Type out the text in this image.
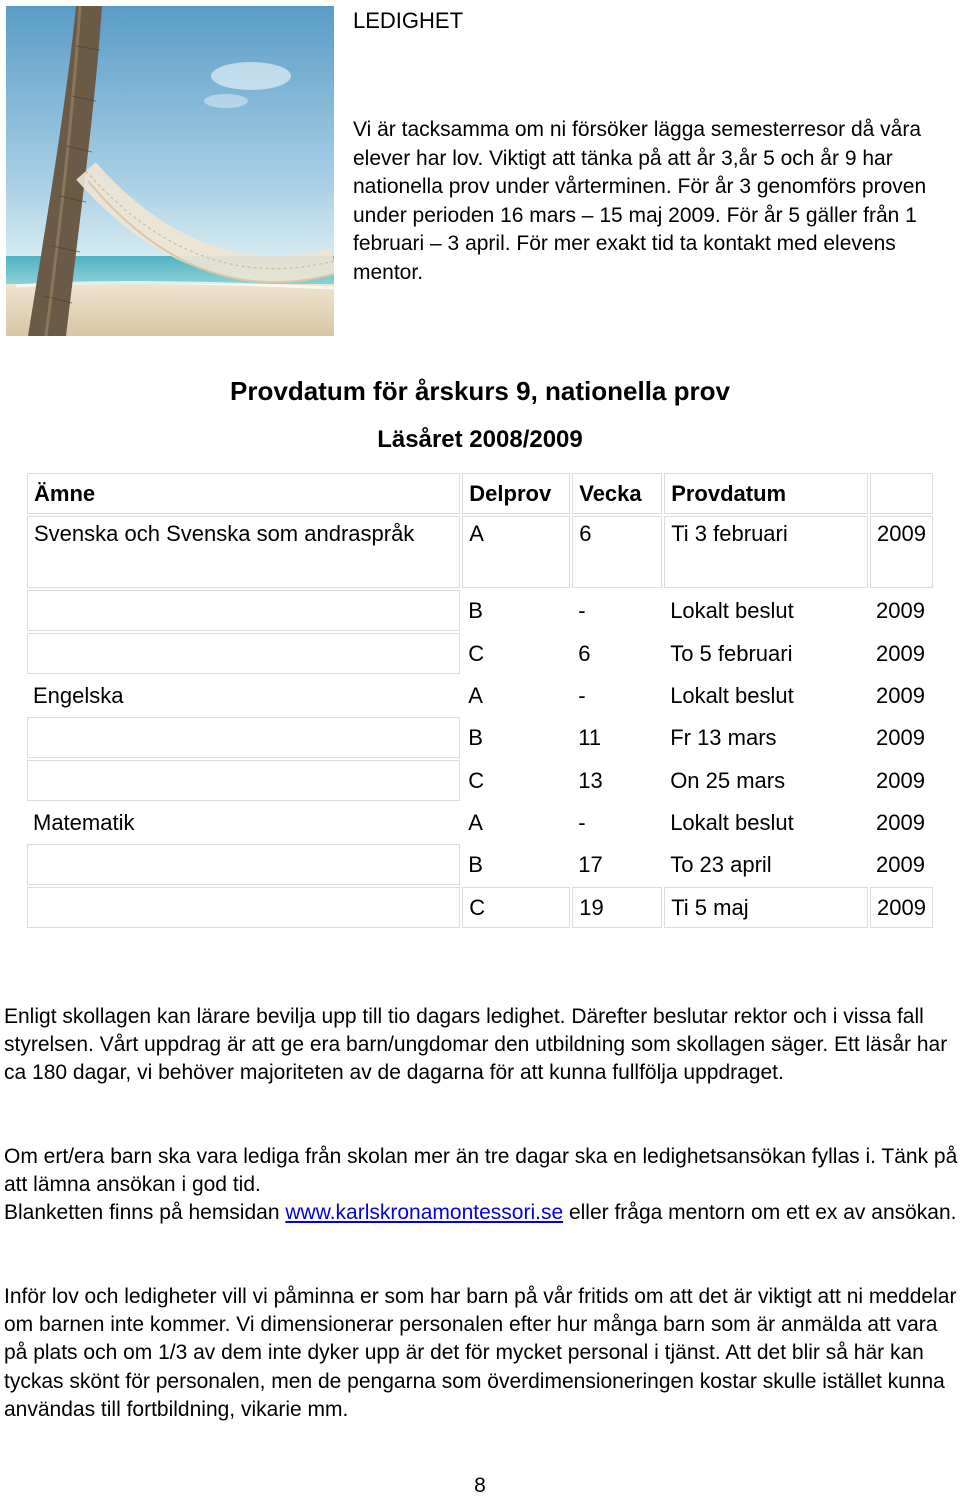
LEDIGHET

Vi är tacksamma om ni försöker lägga semesterresor då våra elever har lov. Viktigt att tänka på att år 3,år 5 och år 9 har nationella prov under vårterminen. För år 3 genomförs proven under perioden 16 mars – 15 maj 2009. För år 5 gäller från 1 februari – 3 april. För mer exakt tid ta kontakt med elevens mentor.

Provdatum för årskurs 9, nationella prov
Läsåret 2008/2009
Ämne	Delprov	Vecka	Provdatum	
Svenska och Svenska som andraspråk	A	6	Ti 3 februari	2009
	B	-	Lokalt beslut	2009
	C	6	To 5 februari	2009
Engelska	A	-	Lokalt beslut	2009
	B	11	Fr 13 mars	2009
	C	13	On 25 mars	2009
Matematik	A	-	Lokalt beslut	2009
	B	17	To 23 april	2009
	C	19	Ti 5 maj	2009

Enligt skollagen kan lärare bevilja upp till tio dagars ledighet. Därefter beslutar rektor och i vissa fall styrelsen. Vårt uppdrag är att ge era barn/ungdomar den utbildning som skollagen säger. Ett läsår har ca 180 dagar, vi behöver majoriteten av de dagarna för att kunna fullfölja uppdraget.

Om ert/era barn ska vara lediga från skolan mer än tre dagar ska en ledighetsansökan fyllas i. Tänk på att lämna ansökan i god tid.

Blanketten finns på hemsidan www.karlskronamontessori.se eller fråga mentorn om ett ex av ansökan.

Inför lov och ledigheter vill vi påminna er som har barn på vår fritids om att det är viktigt att ni meddelar om barnen inte kommer. Vi dimensionerar personalen efter hur många barn som är anmälda att vara på plats och om 1/3 av dem inte dyker upp är det för mycket personal i tjänst. Att det blir så här kan tyckas skönt för personalen, men de pengarna som överdimensioneringen kostar skulle istället kunna användas till fortbildning, vikarie mm.

8
